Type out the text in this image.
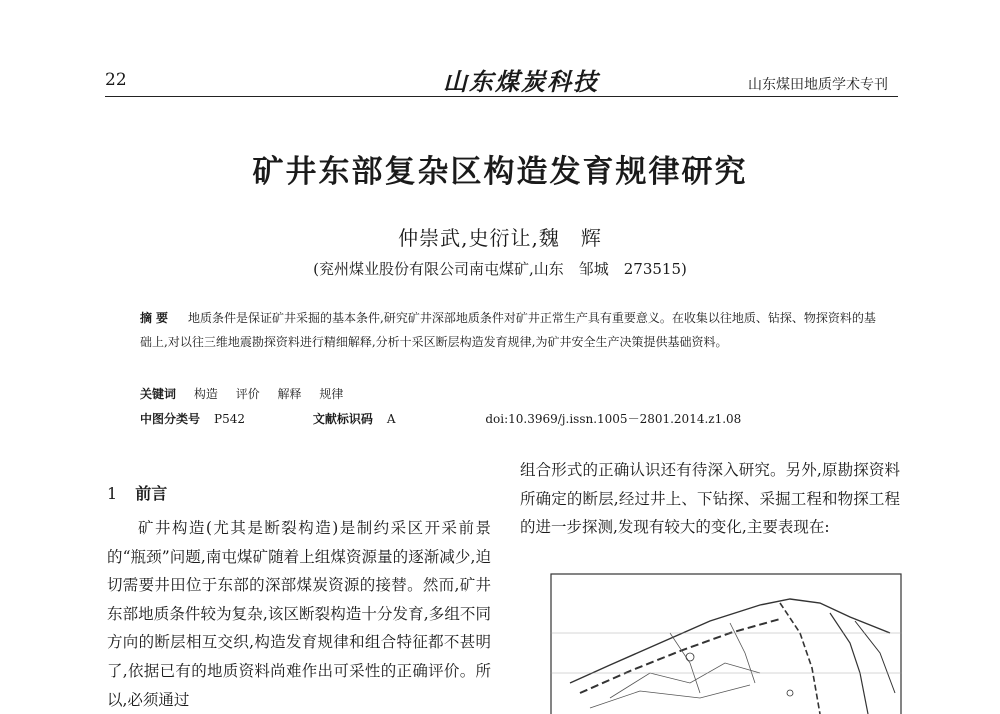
22	山东煤炭科技	山东煤田地质学术专刊
矿井东部复杂区构造发育规律研究
仲崇武,史衍让,魏　辉
(兖州煤业股份有限公司南屯煤矿,山东　邹城　273515)
摘要 地质条件是保证矿井采掘的基本条件,研究矿井深部地质条件对矿井正常生产具有重要意义。在收集以往地质、钻探、物探资料的基础上,对以往三维地震勘探资料进行精细解释,分析十采区断层构造发育规律,为矿井安全生产决策提供基础资料。
关键词 构造 评价 解释 规律
中图分类号 P542	文献标识码 A	doi:10.3969/j.issn.1005－2801.2014.z1.08
1 前言

矿井构造(尤其是断裂构造)是制约采区开采前景的“瓶颈”问题,南屯煤矿随着上组煤资源量的逐渐减少,迫切需要井田位于东部的深部煤炭资源的接替。然而,矿井东部地质条件较为复杂,该区断裂构造十分发育,多组不同方向的断层相互交织,构造发育规律和组合特征都不甚明了,依据已有的地质资料尚难作出可采性的正确评价。所以,必须通过

组合形式的正确认识还有待深入研究。另外,原勘探资料所确定的断层,经过井上、下钻探、采掘工程和物探工程的进一步探测,发现有较大的变化,主要表现在:
